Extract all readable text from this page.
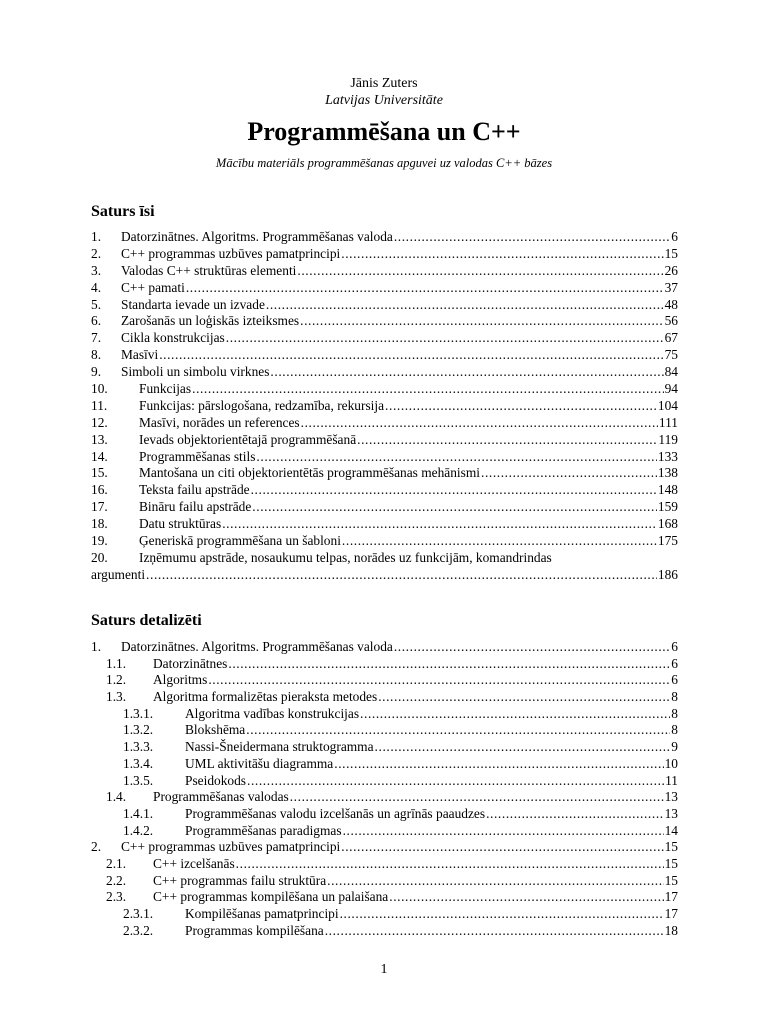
Jānis Zuters
Latvijas Universitāte
Programmēšana un C++
Mācību materiāls programmēšanas apguvei uz valodas C++ bāzes
Saturs īsi
1. Datorzinātnes. Algoritms. Programmēšanas valoda .....	6
2. C++ programmas uzbūves pamatprincipi .....	15
3. Valodas C++ struktūras elementi .....	26
4. C++ pamati .....	37
5. Standarta ievade un izvade .....	48
6. Zarošanās un loģiskās izteiksmes .....	56
7. Cikla konstrukcijas .....	67
8. Masīvi .....	75
9. Simboli un simbolu virknes .....	84
10. Funkcijas .....	94
11. Funkcijas: pārslogošana, redzamība, rekursija .....	104
12. Masīvi, norādes un references .....	111
13. Ievads objektorientētajā programmēšanā .....	119
14. Programmēšanas stils .....	133
15. Mantošana un citi objektorientētās programmēšanas mehānismi .....	138
16. Teksta failu apstrāde .....	148
17. Bināru failu apstrāde .....	159
18. Datu struktūras .....	168
19. Ģeneriskā programmēšana un šabloni .....	175
20. Izņēmumu apstrāde, nosaukumu telpas, norādes uz funkcijām, komandrindas
argumenti .....	186
Saturs detalizēti
1. Datorzinātnes. Algoritms. Programmēšanas valoda .....	6
1.1. Datorzinātnes .....	6
1.2. Algoritms .....	6
1.3. Algoritma formalizētas pieraksta metodes .....	8
1.3.1. Algoritma vadības konstrukcijas .....	8
1.3.2. Blokshēma .....	8
1.3.3. Nassi-Šneidermana struktogramma .....	9
1.3.4. UML aktivitāšu diagramma .....	10
1.3.5. Pseidokods .....	11
1.4. Programmēšanas valodas .....	13
1.4.1. Programmēšanas valodu izcelšanās un agrīnās paaudzes .....	13
1.4.2. Programmēšanas paradigmas .....	14
2. C++ programmas uzbūves pamatprincipi .....	15
2.1. C++ izcelšanās .....	15
2.2. C++ programmas failu struktūra .....	15
2.3. C++ programmas kompilēšana un palaišana .....	17
2.3.1. Kompilēšanas pamatprincipi .....	17
2.3.2. Programmas kompilēšana .....	18
1
